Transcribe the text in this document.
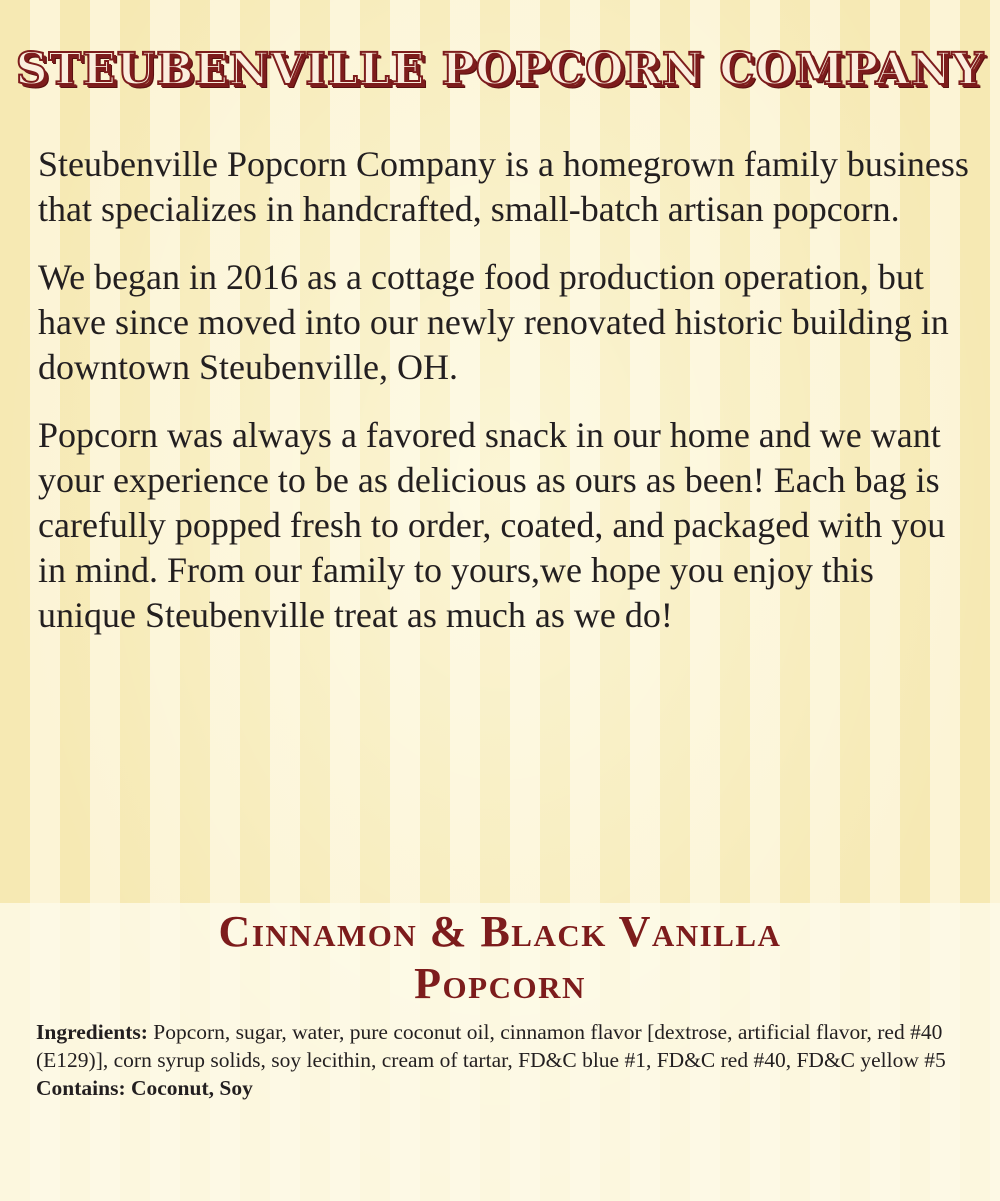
STEUBENVILLE POPCORN COMPANY

Steubenville Popcorn Company is a homegrown family business that specializes in handcrafted, small-batch artisan popcorn.

We began in 2016 as a cottage food production operation, but have since moved into our newly renovated historic building in downtown Steubenville, OH.

Popcorn was always a favored snack in our home and we want your experience to be as delicious as ours as been! Each bag is carefully popped fresh to order, coated, and packaged with you in mind. From our family to yours,we hope you enjoy this unique Steubenville treat as much as we do!

Cinnamon & Black Vanilla
Popcorn

Ingredients: Popcorn, sugar, water, pure coconut oil, cinnamon flavor [dextrose, artificial flavor, red #40 (E129)], corn syrup solids, soy lecithin, cream of tartar, FD&C blue #1, FD&C red #40, FD&C yellow #5

Contains: Coconut, Soy
